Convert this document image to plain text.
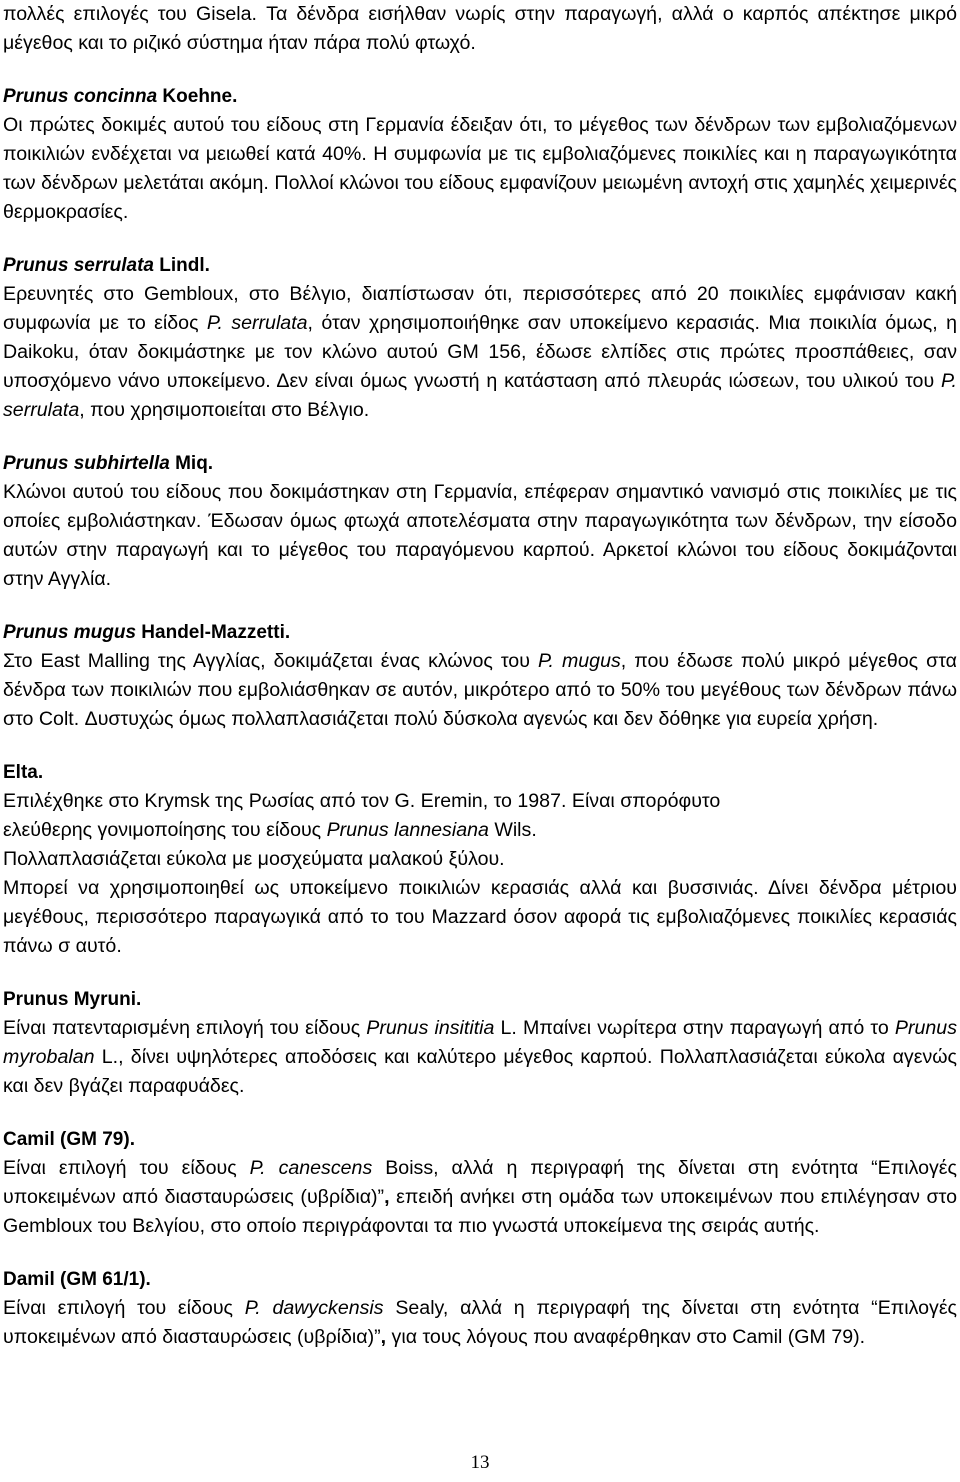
πολλές επιλογές του Gisela. Τα δένδρα εισήλθαν νωρίς στην παραγωγή, αλλά ο καρπός απέκτησε μικρό μέγεθος και το ριζικό σύστημα ήταν πάρα πολύ φτωχό.

Prunus concinna Koehne.

Οι πρώτες δοκιμές αυτού του είδους στη Γερμανία έδειξαν ότι, το μέγεθος των δένδρων των εμβολιαζόμενων ποικιλιών ενδέχεται να μειωθεί κατά 40%. Η συμφωνία με τις εμβολιαζόμενες ποικιλίες και η παραγωγικότητα των δένδρων μελετάται ακόμη. Πολλοί κλώνοι του είδους εμφανίζουν μειωμένη αντοχή στις χαμηλές χειμερινές θερμοκρασίες.

Prunus serrulata Lindl.

Ερευνητές στο Gembloux, στο Βέλγιο, διαπίστωσαν ότι, περισσότερες από 20 ποικιλίες εμφάνισαν κακή συμφωνία με το είδος P. serrulata, όταν χρησιμοποιήθηκε σαν υποκείμενο κερασιάς. Μια ποικιλία όμως, η Daikoku, όταν δοκιμάστηκε με τον κλώνο αυτού GM 156, έδωσε ελπίδες στις πρώτες προσπάθειες, σαν υποσχόμενο νάνο υποκείμενο. Δεν είναι όμως γνωστή η κατάσταση από πλευράς ιώσεων, του υλικού του P. serrulata, που χρησιμοποιείται στο Βέλγιο.

Prunus subhirtella Miq.

Κλώνοι αυτού του είδους που δοκιμάστηκαν στη Γερμανία, επέφεραν σημαντικό νανισμό στις ποικιλίες με τις οποίες εμβολιάστηκαν. Έδωσαν όμως φτωχά αποτελέσματα στην παραγωγικότητα των δένδρων, την είσοδο αυτών στην παραγωγή και το μέγεθος του παραγόμενου καρπού. Αρκετοί κλώνοι του είδους δοκιμάζονται στην Αγγλία.

Prunus mugus Handel-Mazzetti.

Στο East Malling της Αγγλίας, δοκιμάζεται ένας κλώνος του P. mugus, που έδωσε πολύ μικρό μέγεθος στα δένδρα των ποικιλιών που εμβολιάσθηκαν σε αυτόν, μικρότερο από το 50% του μεγέθους των δένδρων πάνω στο Colt. Δυστυχώς όμως πολλαπλασιάζεται πολύ δύσκολα αγενώς και δεν δόθηκε για ευρεία χρήση.

Elta.

Επιλέχθηκε στο Krymsk της Ρωσίας από τον G. Eremin, το 1987. Είναι σπορόφυτο

ελεύθερης γονιμοποίησης του είδους Prunus lannesiana Wils.

Πολλαπλασιάζεται εύκολα με μοσχεύματα μαλακού ξύλου.

Μπορεί να χρησιμοποιηθεί ως υποκείμενο ποικιλιών κερασιάς αλλά και βυσσινιάς. Δίνει δένδρα μέτριου μεγέθους, περισσότερο παραγωγικά από το του Mazzard όσον αφορά τις εμβολιαζόμενες ποικιλίες κερασιάς πάνω σ αυτό.

Prunus Myruni.

Είναι πατενταρισμένη επιλογή του είδους Prunus insititia L. Μπαίνει νωρίτερα στην παραγωγή από το Prunus myrobalan L., δίνει υψηλότερες αποδόσεις και καλύτερο μέγεθος καρπού. Πολλαπλασιάζεται εύκολα αγενώς και δεν βγάζει παραφυάδες.

Camil (GM 79).

Είναι επιλογή του είδους P. canescens Boiss, αλλά η περιγραφή της δίνεται στη ενότητα “Επιλογές υποκειμένων από διασταυρώσεις (υβρίδια)”, επειδή ανήκει στη ομάδα των υποκειμένων που επιλέγησαν στο Gembloux του Βελγίου, στο οποίο περιγράφονται τα πιο γνωστά υποκείμενα της σειράς αυτής.

Damil (GM 61/1).

Είναι επιλογή του είδους P. dawyckensis Sealy, αλλά η περιγραφή της δίνεται στη ενότητα “Επιλογές υποκειμένων από διασταυρώσεις (υβρίδια)”, για τους λόγους που αναφέρθηκαν στο Camil (GM 79).

13
